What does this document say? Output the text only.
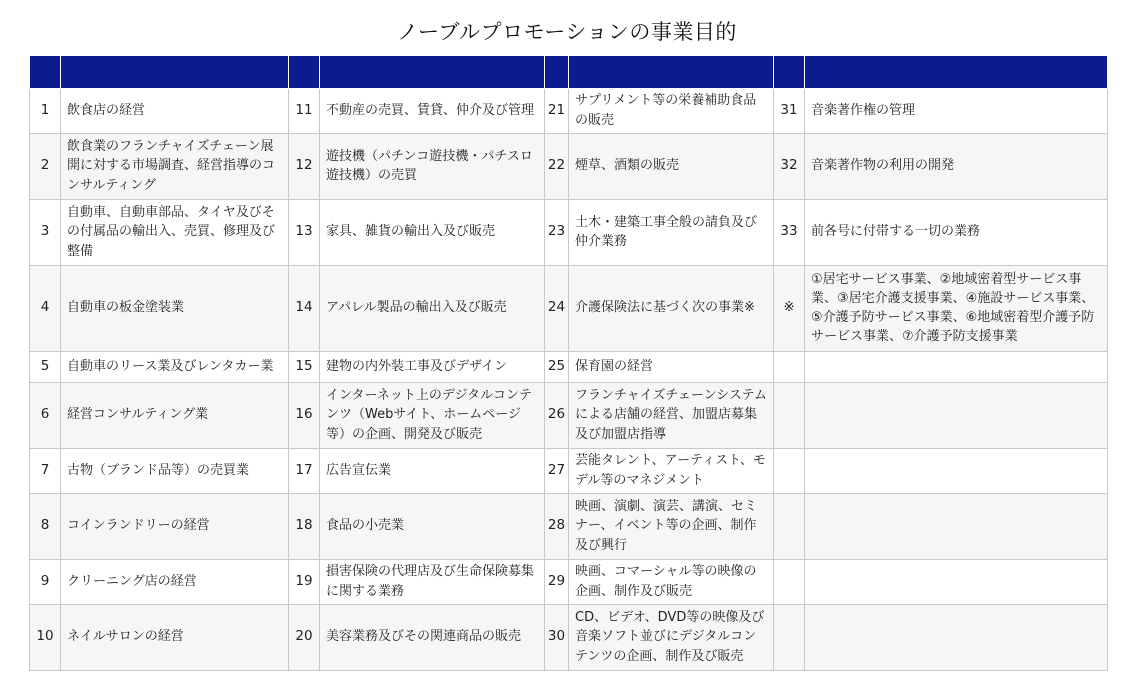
ノーブルプロモーションの事業目的

1	飲食店の経営	11	不動産の売買、賃貸、仲介及び管理	21	サプリメント等の栄養補助食品の販売	31	音楽著作権の管理
2	飲食業のフランチャイズチェーン展開に対する市場調査、経営指導のコンサルティング	12	遊技機（パチンコ遊技機・パチスロ遊技機）の売買	22	煙草、酒類の販売	32	音楽著作物の利用の開発
3	自動車、自動車部品、タイヤ及びその付属品の輸出入、売買、修理及び整備	13	家具、雑貨の輸出入及び販売	23	土木・建築工事全般の請負及び仲介業務	33	前各号に付帯する一切の業務
4	自動車の板金塗装業	14	アパレル製品の輸出入及び販売	24	介護保険法に基づく次の事業※	※	①居宅サービス事業、②地域密着型サービス事業、③居宅介護支援事業、④施設サービス事業、⑤介護予防サービス事業、⑥地域密着型介護予防サービス事業、⑦介護予防支援事業
5	自動車のリース業及びレンタカー業	15	建物の内外装工事及びデザイン	25	保育園の経営		
6	経営コンサルティング業	16	インターネット上のデジタルコンテンツ（Webサイト、ホームページ等）の企画、開発及び販売	26	フランチャイズチェーンシステムによる店舗の経営、加盟店募集及び加盟店指導		
7	古物（ブランド品等）の売買業	17	広告宣伝業	27	芸能タレント、アーティスト、モデル等のマネジメント		
8	コインランドリーの経営	18	食品の小売業	28	映画、演劇、演芸、講演、セミナー、イベント等の企画、制作及び興行		
9	クリーニング店の経営	19	損害保険の代理店及び生命保険募集に関する業務	29	映画、コマーシャル等の映像の企画、制作及び販売		
10	ネイルサロンの経営	20	美容業務及びその関連商品の販売	30	CD、ビデオ、DVD等の映像及び音楽ソフト並びにデジタルコンテンツの企画、制作及び販売		
